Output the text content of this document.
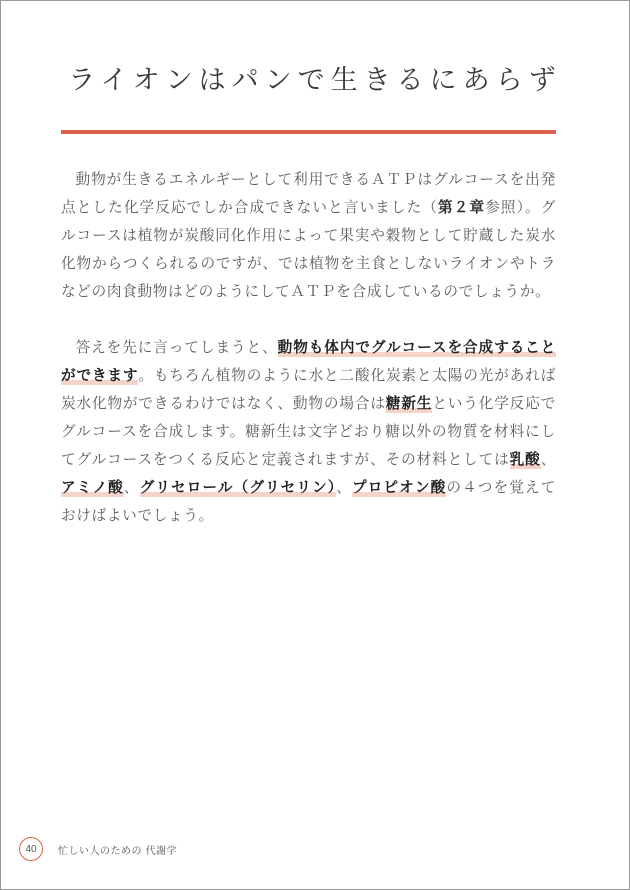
ライオンはパンで生きるにあらず

動物が生きるエネルギーとして利用できるＡＴＰはグルコースを出発点とした化学反応でしか合成できないと言いました（第２章参照）。グルコースは植物が炭酸同化作用によって果実や穀物として貯蔵した炭水化物からつくられるのですが、では植物を主食としないライオンやトラなどの肉食動物はどのようにしてＡＴＰを合成しているのでしょうか。

答えを先に言ってしまうと、動物も体内でグルコースを合成することができます。もちろん植物のように水と二酸化炭素と太陽の光があれば炭水化物ができるわけではなく、動物の場合は糖新生という化学反応でグルコースを合成します。糖新生は文字どおり糖以外の物質を材料にしてグルコースをつくる反応と定義されますが、その材料としては乳酸、アミノ酸、グリセロール（グリセリン）、プロピオン酸の４つを覚えておけばよいでしょう。

40 忙しい人のための 代謝学
